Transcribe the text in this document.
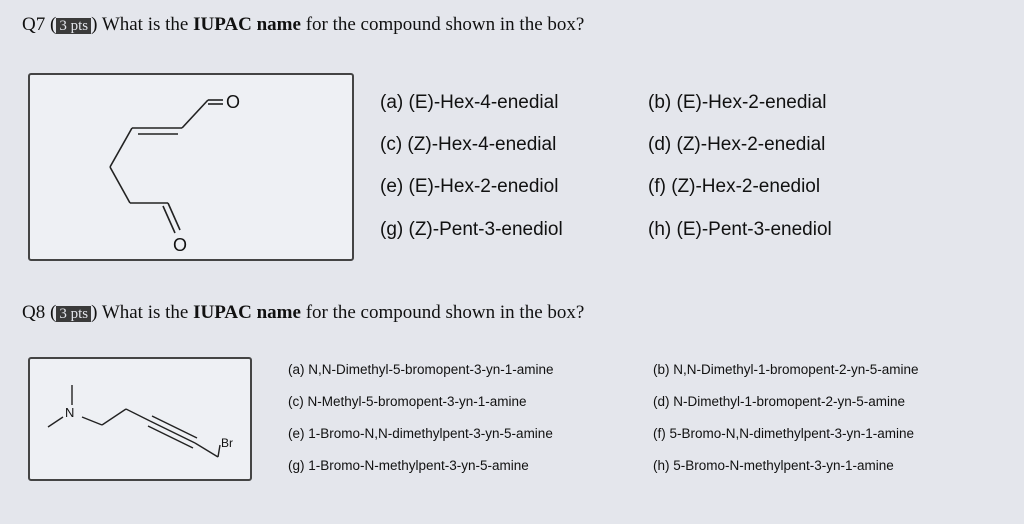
Q7 ( 3 pts ) What is the IUPAC name for the compound shown in the box?
O
O
(a) (E)-Hex-4-enedial	(b) (E)-Hex-2-enedial
(c) (Z)-Hex-4-enedial	(d) (Z)-Hex-2-enedial
(e) (E)-Hex-2-enediol	(f) (Z)-Hex-2-enediol
(g) (Z)-Pent-3-enediol	(h) (E)-Pent-3-enediol
Q8 ( 3 pts ) What is the IUPAC name for the compound shown in the box?
N
Br
(a) N,N-Dimethyl-5-bromopent-3-yn-1-amine	(b) N,N-Dimethyl-1-bromopent-2-yn-5-amine
(c) N-Methyl-5-bromopent-3-yn-1-amine	(d) N-Dimethyl-1-bromopent-2-yn-5-amine
(e) 1-Bromo-N,N-dimethylpent-3-yn-5-amine	(f) 5-Bromo-N,N-dimethylpent-3-yn-1-amine
(g) 1-Bromo-N-methylpent-3-yn-5-amine	(h) 5-Bromo-N-methylpent-3-yn-1-amine
